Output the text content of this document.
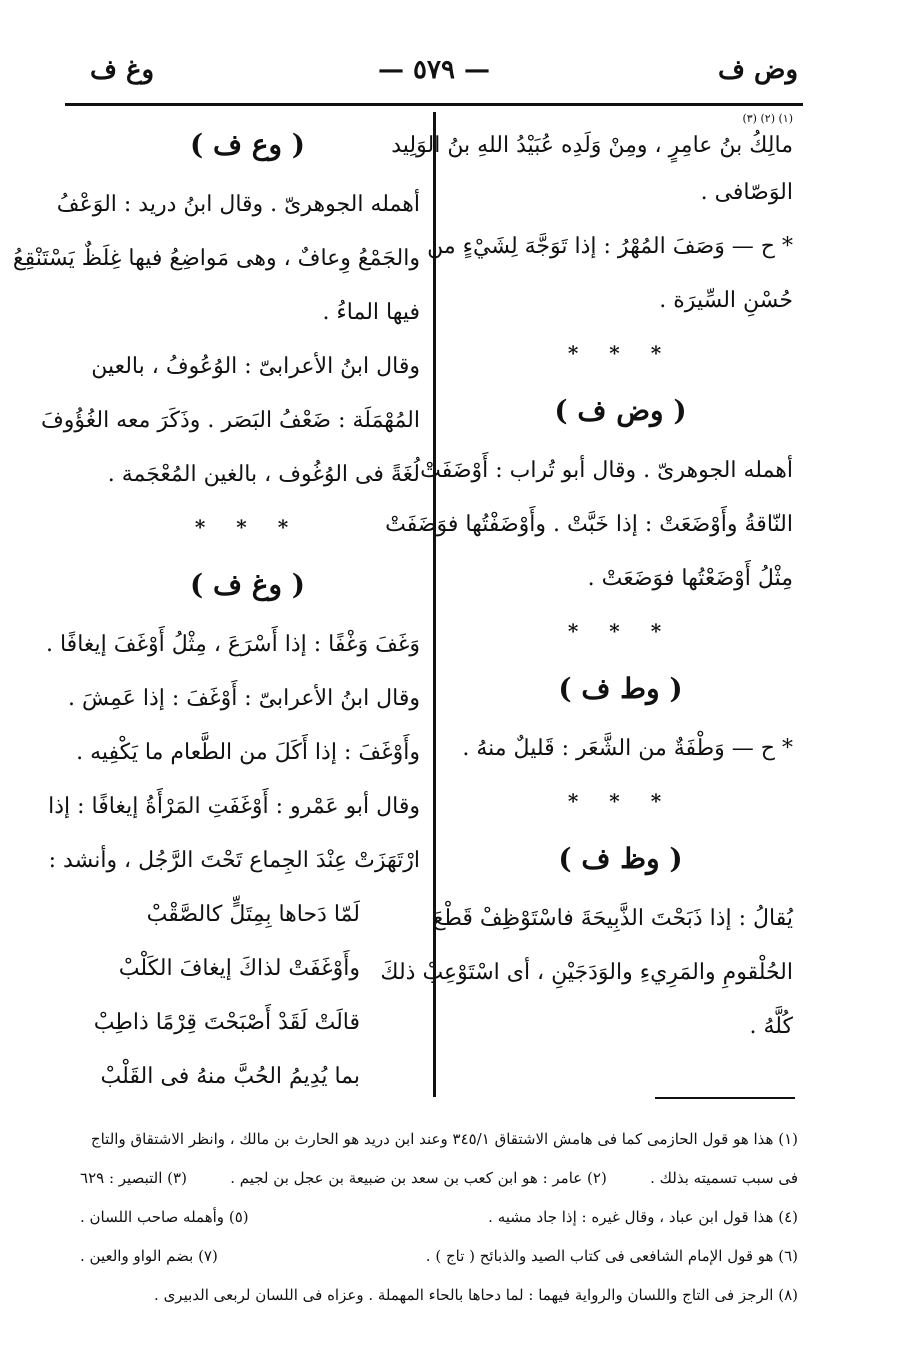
وض ف
— ٥٧٩ —
وغ ف
(١) (٢) (٣)
مالِكُ بنُ عامِرٍ ، ومِنْ وَلَدِه عُبَيْدُ اللهِ بنُ الوَلِيد
الوَصّافى .
* ح — وَصَفَ المُهْرُ : إذا تَوَجَّهَ لِشَيْءٍ من
حُسْنِ السِّيرَة .
* * *
( وض ف )
أهمله الجوهرىّ . وقال أبو تُراب : أَوْضَفَتْ
النّاقةُ وأَوْضَعَتْ : إذا خَبَّتْ . وأَوْضَفْتُها فوَضَفَتْ
مِثْلُ أَوْضَعْتُها فوَضَعَتْ .
* * *
( وط ف )
* ح — وَطْفَةٌ من الشَّعَر : قَليلٌ منهُ .
* * *
( وظ ف )
يُقالُ : إذا ذَبَحْتَ الذَّبِيحَةَ فاسْتَوْظِفْ قَطْعَ
الحُلْقومِ والمَرِيءِ والوَدَجَيْنِ ، أى اسْتَوْعِبْ ذلكَ
كُلَّهُ .
( وع ف )
أهمله الجوهرىّ . وقال ابنُ دريد : الوَعْفُ
والجَمْعُ وِعافٌ ، وهى مَواضِعُ فيها غِلَظٌ يَسْتَنْقِعُ
فيها الماءُ .
وقال ابنُ الأعرابىّ : الوُعُوفُ ، بالعين
المُهْمَلَة : ضَعْفُ البَصَر . وذَكَرَ معه الغُؤُوفَ
لُغَةً فى الوُغُوف ، بالغين المُعْجَمة .
* * *
( وغ ف )
وَغَفَ وَغْفًا : إذا أَسْرَعَ ، مِثْلُ أَوْغَفَ إيغافًا .
وقال ابنُ الأعرابىّ : أَوْغَفَ : إذا عَمِشَ .
وأَوْغَفَ : إذا أَكَلَ من الطَّعام ما يَكْفِيه .
وقال أبو عَمْرو : أَوْغَفَتِ المَرْأَةُ إيغافًا : إذا
ارْتَهَزَتْ عِنْدَ الجِماع تَحْتَ الرَّجُل ، وأنشد :
لَمّا دَحاها بِمِتَلٍّ كالصَّقْبْ
وأَوْغَفَتْ لذاكَ إيغافَ الكَلْبْ
قالَتْ لَقَدْ أَصْبَحْتَ قِرْمًا ذاطِبْ
بما يُدِيمُ الحُبَّ منهُ فى القَلْبْ
(١) هذا هو قول الحازمى كما فى هامش الاشتقاق ٣٤٥/١ وعند ابن دريد هو الحارث بن مالك ، وانظر الاشتقاق والتاج
فى سبب تسميته بذلك .
(٢) عامر : هو ابن كعب بن سعد بن ضبيعة بن عجل بن لجيم .
(٣) التبصير : ٦٢٩
(٤) هذا قول ابن عباد ، وقال غيره : إذا جاد مشيه .
(٥) وأهمله صاحب اللسان .
(٦) هو قول الإمام الشافعى فى كتاب الصيد والذبائح ( تاج ) .
(٧) بضم الواو والعين .
(٨) الرجز فى التاج واللسان والرواية فيهما : لما دحاها بالحاء المهملة . وعزاه فى اللسان لربعى الدبيرى .
